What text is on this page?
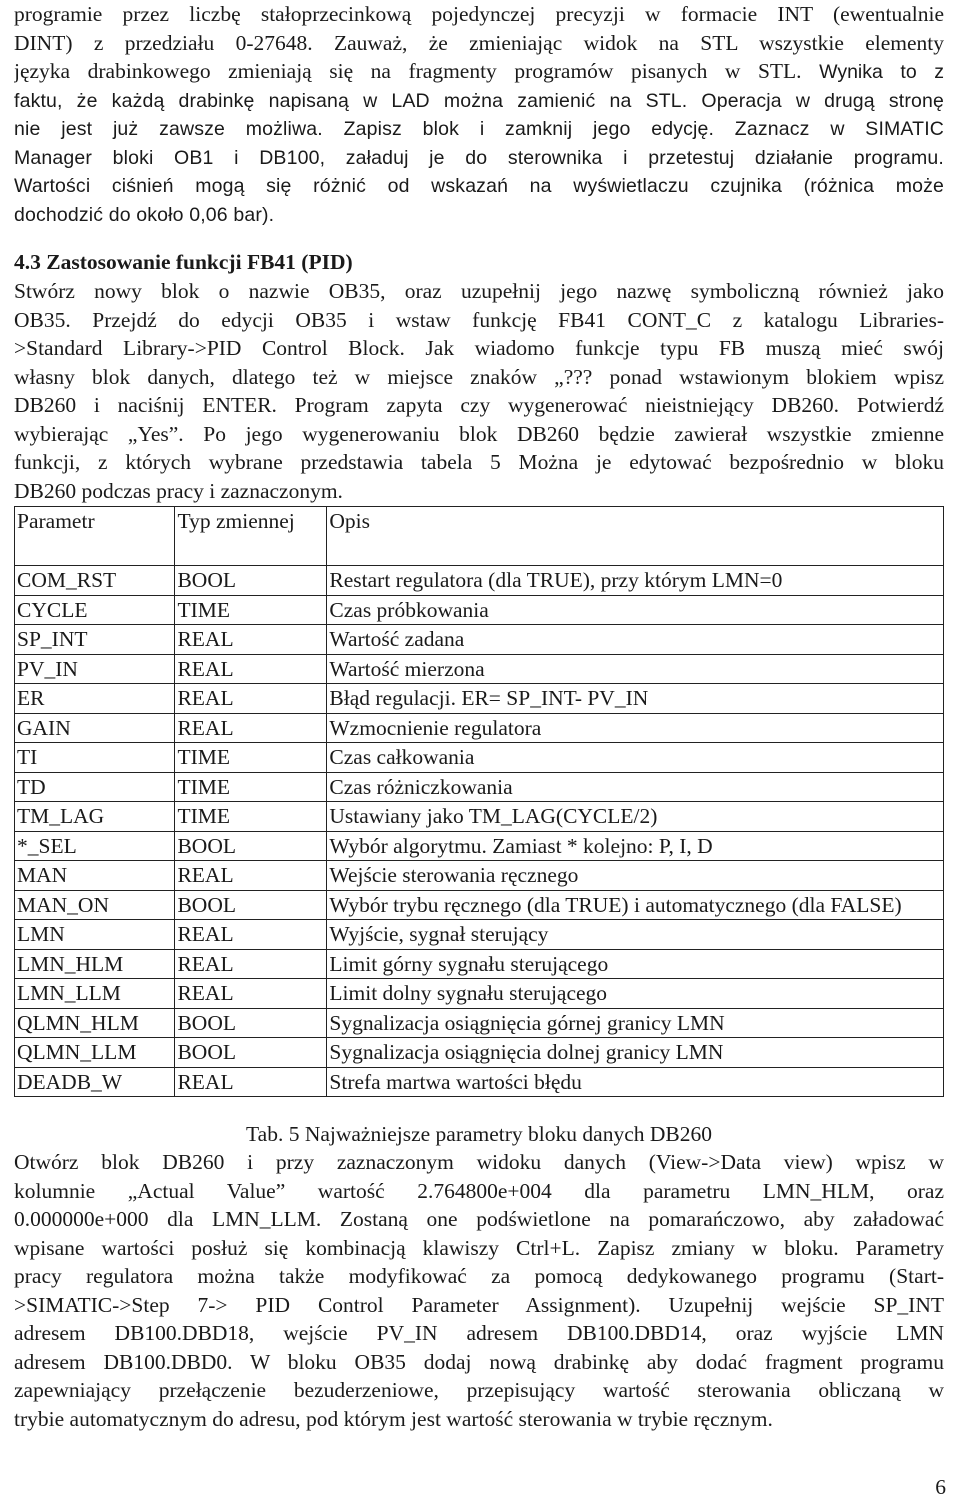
programie przez liczbę stałoprzecinkową pojedynczej precyzji w formacie INT (ewentualnie
DINT) z przedziału 0-27648. Zauważ, że zmieniając widok na STL wszystkie elementy
języka drabinkowego zmieniają się na fragmenty programów pisanych w STL. Wynika to z
faktu, że każdą drabinkę napisaną w LAD można zamienić na STL. Operacja w drugą stronę
nie jest już zawsze możliwa. Zapisz blok i zamknij jego edycję. Zaznacz w SIMATIC
Manager bloki OB1 i DB100, załaduj je do sterownika i przetestuj działanie programu.
Wartości ciśnień mogą się różnić od wskazań na wyświetlaczu czujnika (różnica może
dochodzić do około 0,06 bar).
4.3 Zastosowanie funkcji FB41 (PID)
Stwórz nowy blok o nazwie OB35, oraz uzupełnij jego nazwę symboliczną również jako
OB35. Przejdź do edycji OB35 i wstaw funkcję FB41 CONT_C z katalogu Libraries-
>Standard Library->PID Control Block. Jak wiadomo funkcje typu FB muszą mieć swój
własny blok danych, dlatego też w miejsce znaków „??? ponad wstawionym blokiem wpisz
DB260 i naciśnij ENTER. Program zapyta czy wygenerować nieistniejący DB260. Potwierdź
wybierając „Yes”. Po jego wygenerowaniu blok DB260 będzie zawierał wszystkie zmienne
funkcji, z których wybrane przedstawia tabela 5 Można je edytować bezpośrednio w bloku
DB260 podczas pracy i zaznaczonym.
Parametr	Typ zmiennej	Opis
COM_RST	BOOL	Restart regulatora (dla TRUE), przy którym LMN=0
CYCLE	TIME	Czas próbkowania
SP_INT	REAL	Wartość zadana
PV_IN	REAL	Wartość mierzona
ER	REAL	Błąd regulacji. ER= SP_INT- PV_IN
GAIN	REAL	Wzmocnienie regulatora
TI	TIME	Czas całkowania
TD	TIME	Czas różniczkowania
TM_LAG	TIME	Ustawiany jako TM_LAG(CYCLE/2)
*_SEL	BOOL	Wybór algorytmu. Zamiast * kolejno: P, I, D
MAN	REAL	Wejście sterowania ręcznego
MAN_ON	BOOL	Wybór trybu ręcznego (dla TRUE) i automatycznego (dla FALSE)
LMN	REAL	Wyjście, sygnał sterujący
LMN_HLM	REAL	Limit górny sygnału sterującego
LMN_LLM	REAL	Limit dolny sygnału sterującego
QLMN_HLM	BOOL	Sygnalizacja osiągnięcia górnej granicy LMN
QLMN_LLM	BOOL	Sygnalizacja osiągnięcia dolnej granicy LMN
DEADB_W	REAL	Strefa martwa wartości błędu
Tab. 5 Najważniejsze parametry bloku danych DB260
Otwórz blok DB260 i przy zaznaczonym widoku danych (View->Data view) wpisz w
kolumnie „Actual Value” wartość 2.764800e+004 dla parametru LMN_HLM, oraz
0.000000e+000 dla LMN_LLM. Zostaną one podświetlone na pomarańczowo, aby załadować
wpisane wartości posłuż się kombinacją klawiszy Ctrl+L. Zapisz zmiany w bloku. Parametry
pracy regulatora można także modyfikować za pomocą dedykowanego programu (Start-
>SIMATIC->Step 7-> PID Control Parameter Assignment). Uzupełnij wejście SP_INT
adresem DB100.DBD18, wejście PV_IN adresem DB100.DBD14, oraz wyjście LMN
adresem DB100.DBD0. W bloku OB35 dodaj nową drabinkę aby dodać fragment programu
zapewniający przełączenie bezuderzeniowe, przepisujący wartość sterowania obliczaną w
trybie automatycznym do adresu, pod którym jest wartość sterowania w trybie ręcznym.
6
